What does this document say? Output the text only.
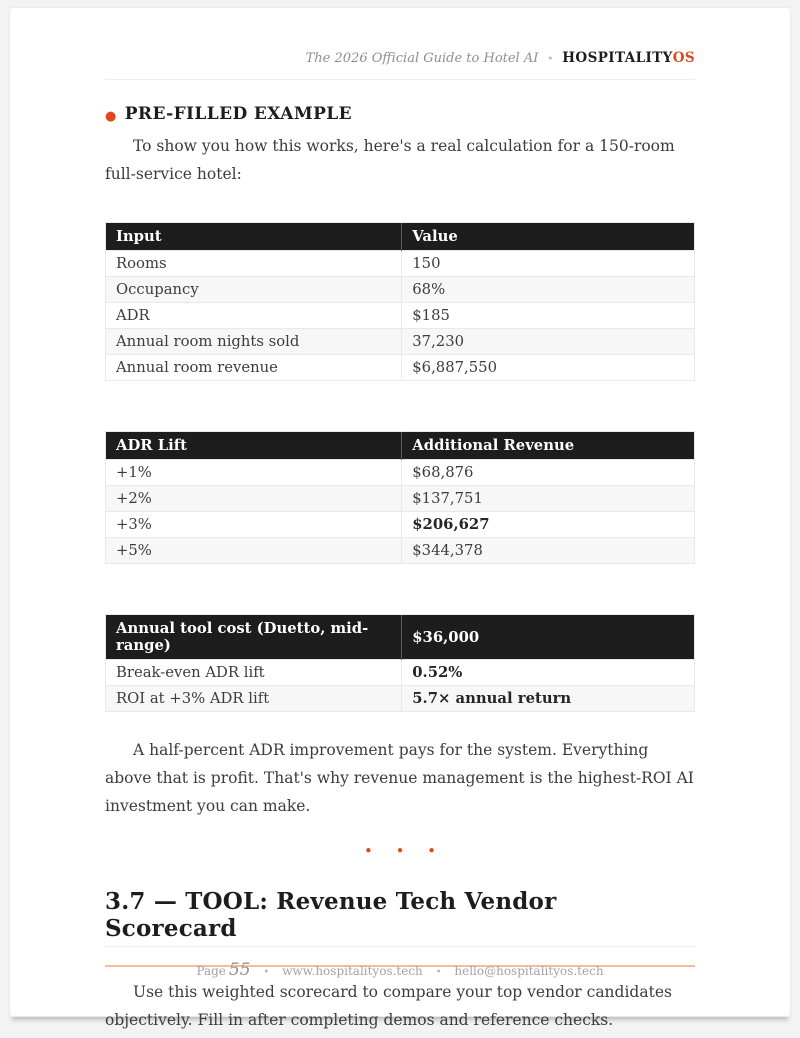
The 2026 Official Guide to Hotel AI • HOSPITALITYOS
● PRE-FILLED EXAMPLE

To show you how this works, here's a real calculation for a 150-room full-service hotel:

Input	Value
Rooms	150
Occupancy	68%
ADR	$185
Annual room nights sold	37,230
Annual room revenue	$6,887,550
ADR Lift	Additional Revenue
+1%	$68,876
+2%	$137,751
+3%	$206,627
+5%	$344,378
Annual tool cost (Duetto, mid-range)	$36,000
Break-even ADR lift	0.52%
ROI at +3% ADR lift	5.7× annual return

A half-percent ADR improvement pays for the system. Everything above that is profit. That's why revenue management is the highest-ROI AI investment you can make.

• • •
3.7 — TOOL: Revenue Tech Vendor Scorecard

Use this weighted scorecard to compare your top vendor candidates objectively. Fill in after completing demos and reference checks.

Page 55 • www.hospitalityos.tech • hello@hospitalityos.tech
